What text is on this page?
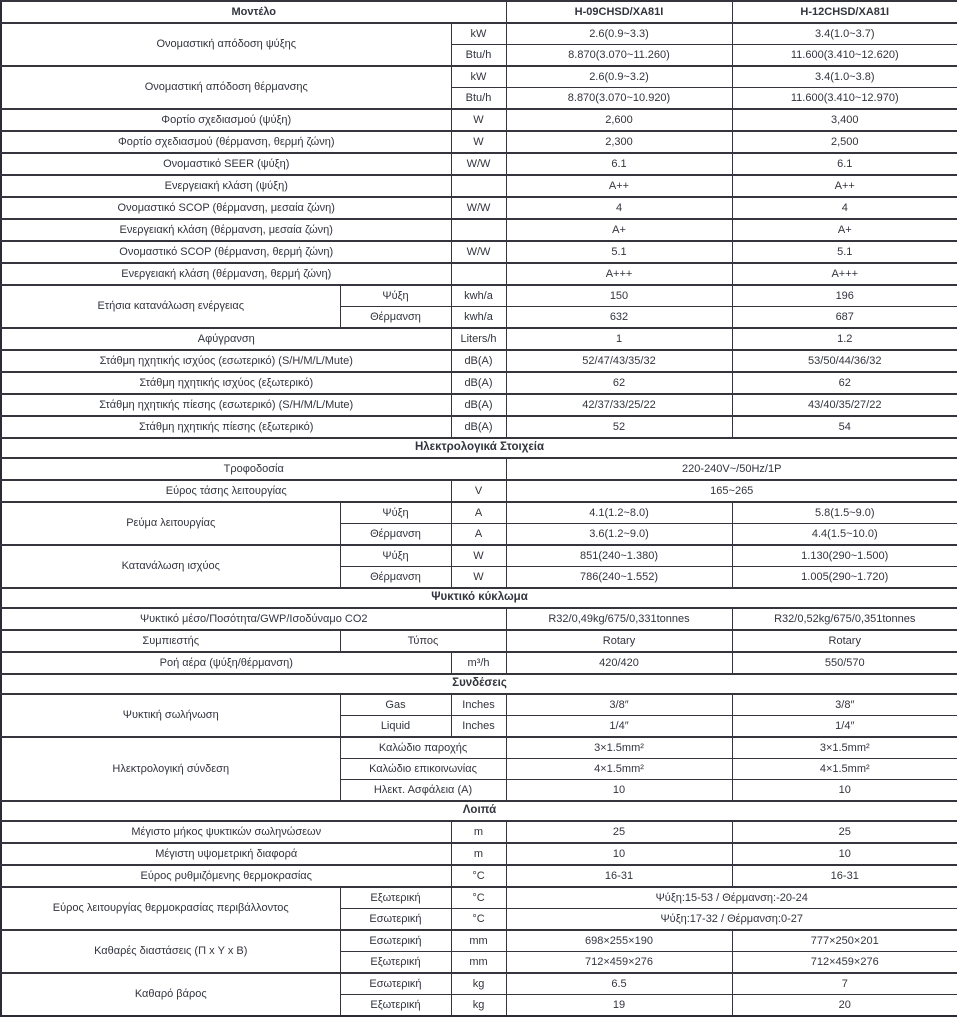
Μοντέλο			H-09CHSD/XA81I	H-12CHSD/XA81I
Ονομαστική απόδοση ψύξης		kW	2.6(0.9~3.3)	3.4(1.0~3.7)
		Btu/h	8.870(3.070~11.260)	11.600(3.410~12.620)
Ονομαστική απόδοση θέρμανσης		kW	2.6(0.9~3.2)	3.4(1.0~3.8)
		Btu/h	8.870(3.070~10.920)	11.600(3.410~12.970)
Φορτίο σχεδιασμού (ψύξη)		W	2,600	3,400
Φορτίο σχεδιασμού (θέρμανση, θερμή ζώνη)		W	2,300	2,500
Ονομαστικό SEER (ψύξη)		W/W	6.1	6.1
Ενεργειακή κλάση (ψύξη)			A++	A++
Ονομαστικό SCOP (θέρμανση, μεσαία ζώνη)		W/W	4	4
Ενεργειακή κλάση (θέρμανση, μεσαία ζώνη)			A+	A+
Ονομαστικό SCOP (θέρμανση, θερμή ζώνη)		W/W	5.1	5.1
Ενεργειακή κλάση (θέρμανση, θερμή ζώνη)			A+++	A+++
Ετήσια κατανάλωση ενέργειας	Ψύξη	kwh/a	150	196
	Θέρμανση	kwh/a	632	687
Αφύγρανση		Liters/h	1	1.2
Στάθμη ηχητικής ισχύος (εσωτερικό) (S/H/M/L/Mute)		dB(A)	52/47/43/35/32	53/50/44/36/32
Στάθμη ηχητικής ισχύος (εξωτερικό)		dB(A)	62	62
Στάθμη ηχητικής πίεσης (εσωτερικό) (S/H/M/L/Mute)		dB(A)	42/37/33/25/22	43/40/35/27/22
Στάθμη ηχητικής πίεσης (εξωτερικό)		dB(A)	52	54
Ηλεκτρολογικά Στοιχεία				
Τροφοδοσία			220-240V~/50Hz/1P	
Εύρος τάσης λειτουργίας		V	165~265	
Ρεύμα λειτουργίας	Ψύξη	A	4.1(1.2~8.0)	5.8(1.5~9.0)
	Θέρμανση	A	3.6(1.2~9.0)	4.4(1.5~10.0)
Κατανάλωση ισχύος	Ψύξη	W	851(240~1.380)	1.130(290~1.500)
	Θέρμανση	W	786(240~1.552)	1.005(290~1.720)
Ψυκτικό κύκλωμα				
Ψυκτικό μέσο/Ποσότητα/GWP/Ισοδύναμο CO2			R32/0,49kg/675/0,331tonnes	R32/0,52kg/675/0,351tonnes
Συμπιεστής	Τύπος		Rotary	Rotary
Ροή αέρα (ψύξη/θέρμανση)		m³/h	420/420	550/570
Συνδέσεις				
Ψυκτική σωλήνωση	Gas	Inches	3/8″	3/8″
	Liquid	Inches	1/4″	1/4″
Ηλεκτρολογική σύνδεση	Καλώδιο παροχής		3×1.5mm²	3×1.5mm²
	Καλώδιο επικοινωνίας		4×1.5mm²	4×1.5mm²
	Ηλεκτ. Ασφάλεια (Α)		10	10
Λοιπά				
Μέγιστο μήκος ψυκτικών σωληνώσεων		m	25	25
Μέγιστη υψομετρική διαφορά		m	10	10
Εύρος ρυθμιζόμενης θερμοκρασίας		°C	16-31	16-31
Εύρος λειτουργίας θερμοκρασίας περιβάλλοντος	Εξωτερική	°C	Ψύξη:15-53 / Θέρμανση:-20-24	
	Εσωτερική	°C	Ψύξη:17-32 / Θέρμανση:0-27	
Καθαρές διαστάσεις (Π x Υ x Β)	Εσωτερική	mm	698×255×190	777×250×201
	Εξωτερική	mm	712×459×276	712×459×276
Καθαρό βάρος	Εσωτερική	kg	6.5	7
	Εξωτερική	kg	19	20
